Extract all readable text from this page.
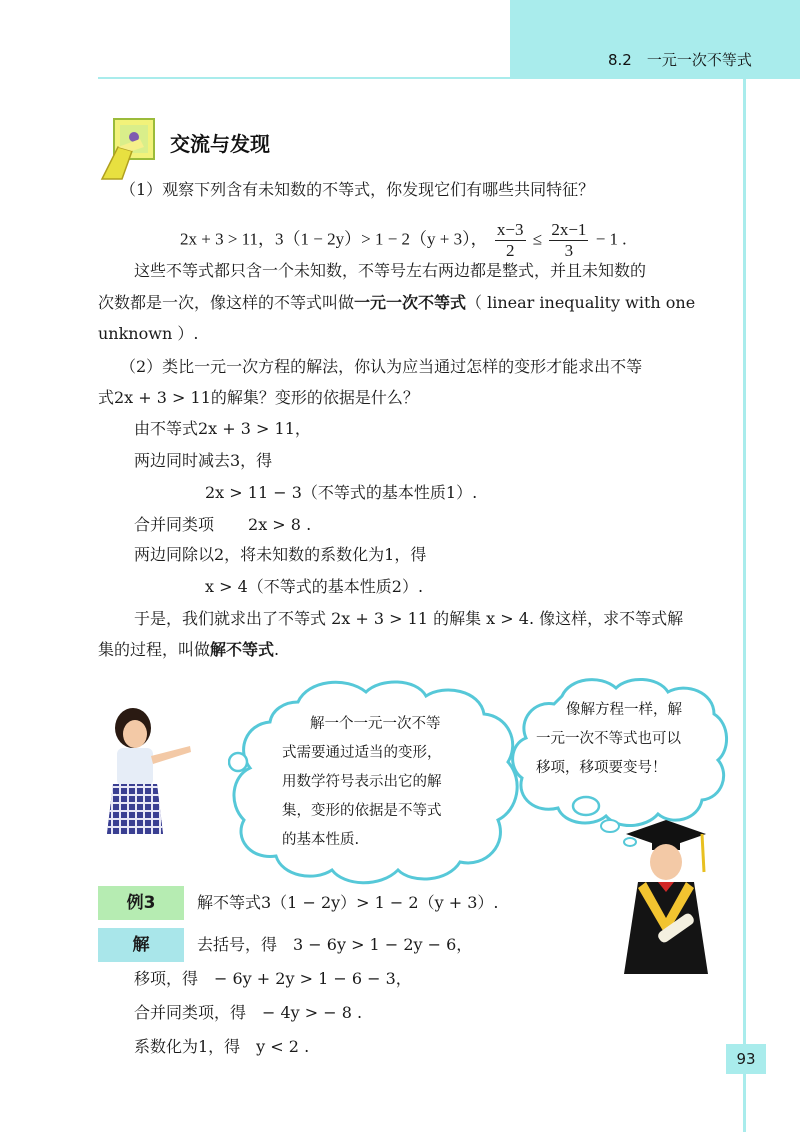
8.2　一元一次不等式
交流与发现
（1）观察下列含有未知数的不等式，你发现它们有哪些共同特征？
2x + 3 > 11，3（1 − 2y）> 1 − 2（y + 3）， $\frac{x-3}{2} \le \frac{2x-1}{3} - 1$ .
这些不等式都只含一个未知数，不等号左右两边都是整式，并且未知数的
次数都是一次，像这样的不等式叫做一元一次不等式（ linear inequality with one
unknown ）.
（2）类比一元一次方程的解法，你认为应当通过怎样的变形才能求出不等
式2x + 3 > 11的解集？变形的依据是什么？
由不等式2x + 3 > 11，
两边同时减去3，得
2x > 11 − 3（不等式的基本性质1）.
合并同类项 2x > 8 .
两边同除以2，将未知数的系数化为1，得
x > 4（不等式的基本性质2）.
于是，我们就求出了不等式 2x + 3 > 11 的解集 x > 4. 像这样，求不等式解
集的过程，叫做解不等式.
解一个一元一次不等
式需要通过适当的变形，
用数学符号表示出它的解
集，变形的依据是不等式
的基本性质.
像解方程一样，解
一元一次不等式也可以
移项，移项要变号！
例3	解不等式3（1 − 2y）> 1 − 2（y + 3）.
解	去括号，得　3 − 6y > 1 − 2y − 6，
移项，得　− 6y + 2y > 1 − 6 − 3，
合并同类项，得　− 4y > − 8 .
系数化为1，得　y < 2 .
93
